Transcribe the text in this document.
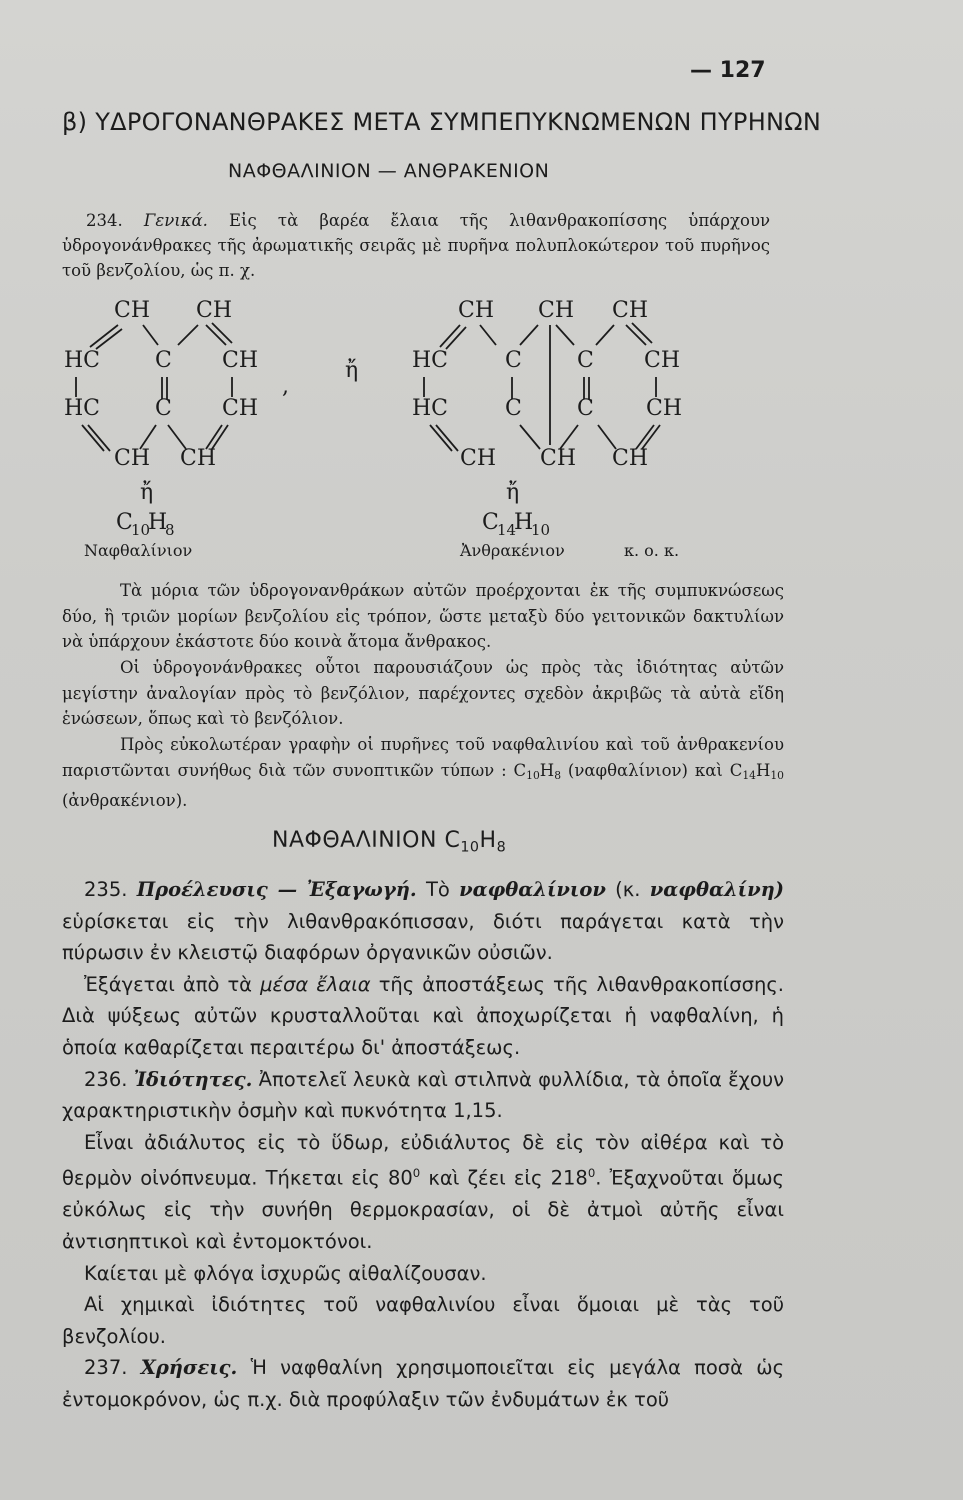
— 127
β) ΥΔΡΟΓΟΝΑΝΘΡΑΚΕΣ ΜΕΤΑ ΣΥΜΠΕΠΥΚΝΩΜΕΝΩΝ ΠΥΡΗΝΩΝ
ΝΑΦΘΑΛΙΝΙΟΝ — ΑΝΘΡΑΚΕΝΙΟΝ
234. Γενικά. Εἰς τὰ βαρέα ἔλαια τῆς λιθανθρακοπίσσης ὑπάρχουν ὑδρογονάνθρακες τῆς ἀρωματικῆς σειρᾶς μὲ πυρῆνα πολυπλοκώτερον τοῦ πυρῆνος τοῦ βενζολίου, ὡς π. χ.
CH CH
HC C CH
HC C CH
CH CH
ἤ
C
10
H
8
,
ἤ
CH CH CH
HC	C	C CH
HC	C	C CH
CH CH CH
ἤ
C
14
H
10
Ναφθαλίνιον	Ἀνθρακένιον	κ. ο. κ.
Τὰ μόρια τῶν ὑδρογονανθράκων αὐτῶν προέρχονται ἐκ τῆς συμπυκνώσεως δύο, ἢ τριῶν μορίων βενζολίου εἰς τρόπον, ὥστε μεταξὺ δύο γειτονικῶν δακτυλίων νὰ ὑπάρχουν ἑκάστοτε δύο κοινὰ ἄτομα ἄνθρακος.
Οἱ ὑδρογονάνθρακες οὗτοι παρουσιάζουν ὡς πρὸς τὰς ἰδιότητας αὐτῶν μεγίστην ἀναλογίαν πρὸς τὸ βενζόλιον, παρέχοντες σχεδὸν ἀκριβῶς τὰ αὐτὰ εἴδη ἑνώσεων, ὅπως καὶ τὸ βενζόλιον.
Πρὸς εὐκολωτέραν γραφὴν οἱ πυρῆνες τοῦ ναφθαλινίου καὶ τοῦ ἀνθρακενίου παριστῶνται συνήθως διὰ τῶν συνοπτικῶν τύπων : $C_{10}H_8$ (ναφθαλίνιον) καὶ $C_{14}H_{10}$ (ἀνθρακένιον).
ΝΑΦΘΑΛΙΝΙΟΝ $C_{10}H_8$

235. Προέλευσις — Ἐξαγωγή. Τὸ ναφθαλίνιον (κ. ναφθαλίνη) εὑρίσκεται εἰς τὴν λιθανθρακόπισσαν, διότι παράγεται κατὰ τὴν πύρωσιν ἐν κλειστῷ διαφόρων ὀργανικῶν οὐσιῶν.

Ἐξάγεται ἀπὸ τὰ μέσα ἔλαια τῆς ἀποστάξεως τῆς λιθανθρακοπίσσης. Διὰ ψύξεως αὐτῶν κρυσταλλοῦται καὶ ἀποχωρίζεται ἡ ναφθαλίνη, ἡ ὁποία καθαρίζεται περαιτέρω δι' ἀποστάξεως.

236. Ἰδιότητες. Ἀποτελεῖ λευκὰ καὶ στιλπνὰ φυλλίδια, τὰ ὁποῖα ἔχουν χαρακτηριστικὴν ὀσμὴν καὶ πυκνότητα 1,15.

Εἶναι ἀδιάλυτος εἰς τὸ ὕδωρ, εὐδιάλυτος δὲ εἰς τὸν αἰθέρα καὶ τὸ θερμὸν οἰνόπνευμα. Τήκεται εἰς $80^0$ καὶ ζέει εἰς $218^0$. Ἐξαχνοῦται ὅμως εὐκόλως εἰς τὴν συνήθη θερμοκρασίαν, οἱ δὲ ἀτμοὶ αὐτῆς εἶναι ἀντισηπτικοὶ καὶ ἐντομοκτόνοι.

Καίεται μὲ φλόγα ἰσχυρῶς αἰθαλίζουσαν.

Αἱ χημικαὶ ἰδιότητες τοῦ ναφθαλινίου εἶναι ὅμοιαι μὲ τὰς τοῦ βενζολίου.

237. Χρήσεις. Ἡ ναφθαλίνη χρησιμοποιεῖται εἰς μεγάλα ποσὰ ὡς ἐντομοκρόνον, ὡς π.χ. διὰ προφύλαξιν τῶν ἐνδυμάτων ἐκ τοῦ
